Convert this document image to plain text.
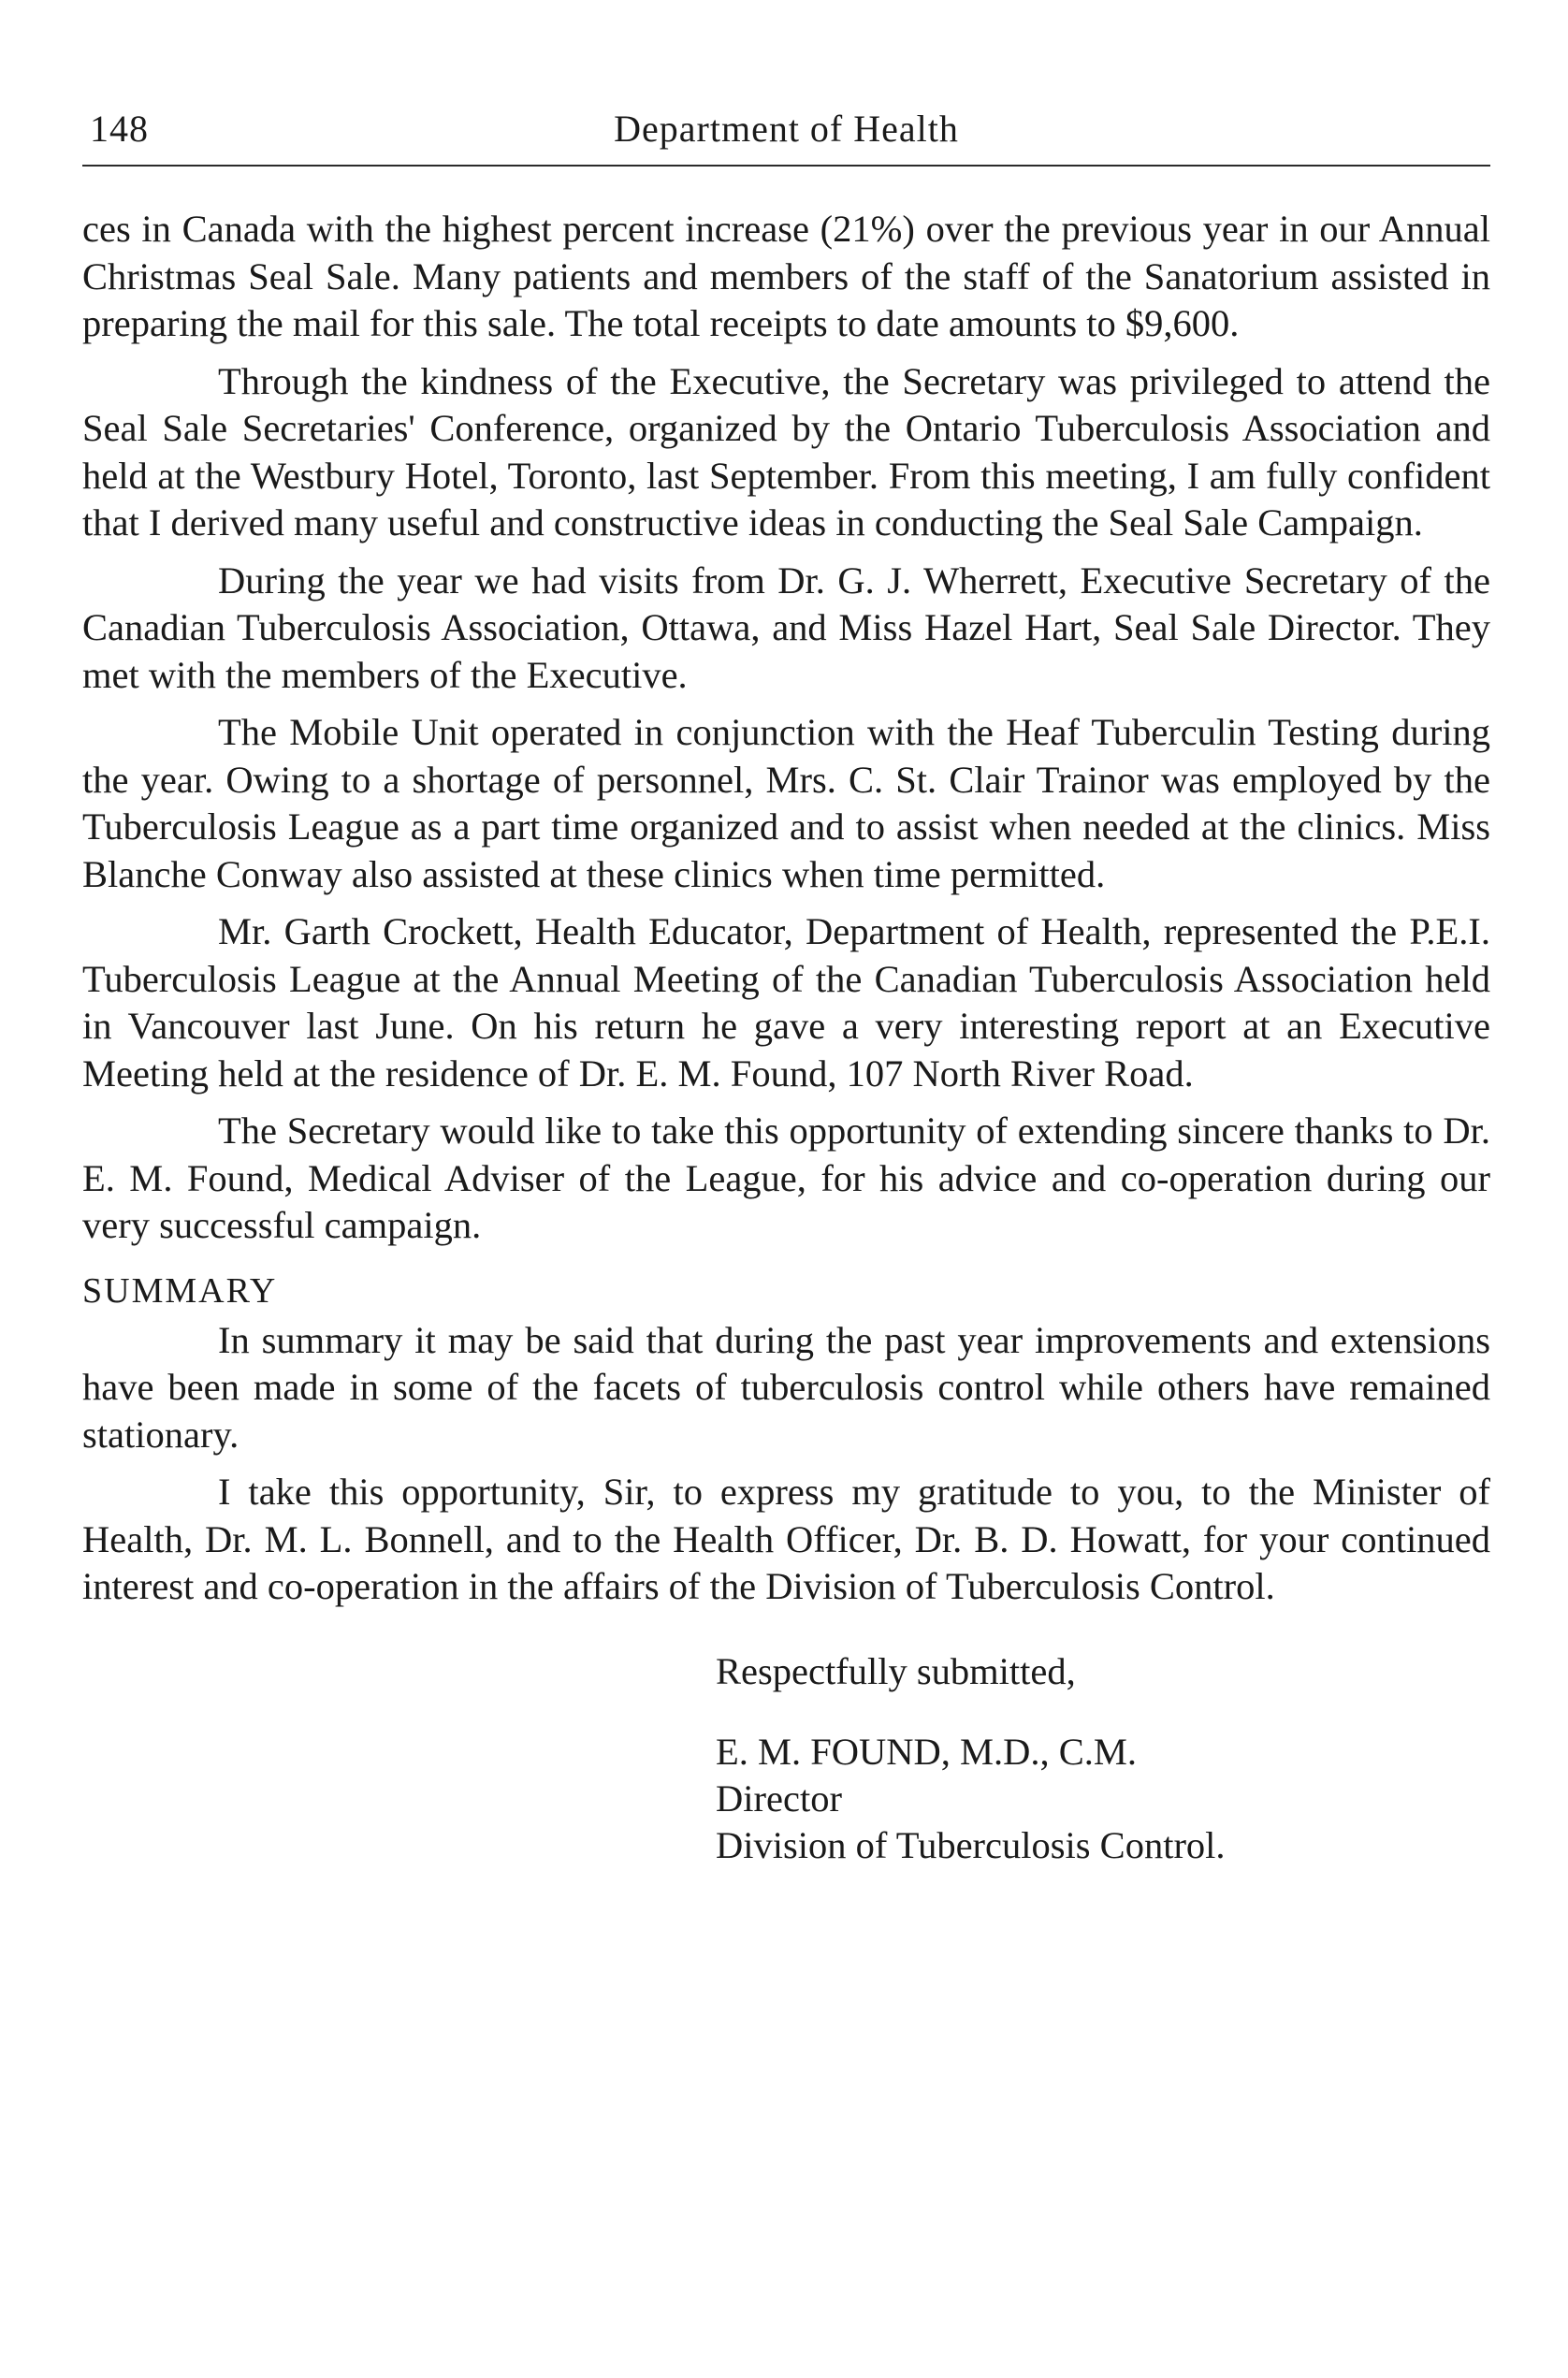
148	Department of Health

ces in Canada with the highest percent increase (21%) over the previous year in our Annual Christmas Seal Sale. Many patients and members of the staff of the Sanatorium assisted in preparing the mail for this sale. The total receipts to date amounts to $9,600.

Through the kindness of the Executive, the Secretary was privileged to attend the Seal Sale Secretaries' Conference, organized by the Ontario Tuberculosis Association and held at the Westbury Hotel, Toronto, last September. From this meeting, I am fully confident that I derived many useful and constructive ideas in conducting the Seal Sale Campaign.

During the year we had visits from Dr. G. J. Wherrett, Executive Secretary of the Canadian Tuberculosis Association, Ottawa, and Miss Hazel Hart, Seal Sale Director. They met with the members of the Executive.

The Mobile Unit operated in conjunction with the Heaf Tuberculin Testing during the year. Owing to a shortage of personnel, Mrs. C. St. Clair Trainor was employed by the Tuberculosis League as a part time organized and to assist when needed at the clinics. Miss Blanche Conway also assisted at these clinics when time permitted.

Mr. Garth Crockett, Health Educator, Department of Health, represented the P.E.I. Tuberculosis League at the Annual Meeting of the Canadian Tuberculosis Association held in Vancouver last June. On his return he gave a very interesting report at an Executive Meeting held at the residence of Dr. E. M. Found, 107 North River Road.

The Secretary would like to take this opportunity of extending sincere thanks to Dr. E. M. Found, Medical Adviser of the League, for his advice and co-operation during our very successful campaign.

SUMMARY

In summary it may be said that during the past year improvements and extensions have been made in some of the facets of tuberculosis control while others have remained stationary.

I take this opportunity, Sir, to express my gratitude to you, to the Minister of Health, Dr. M. L. Bonnell, and to the Health Officer, Dr. B. D. Howatt, for your continued interest and co-operation in the affairs of the Division of Tuberculosis Control.

Respectfully submitted,
E. M. FOUND, M.D., C.M.
Director
Division of Tuberculosis Control.
